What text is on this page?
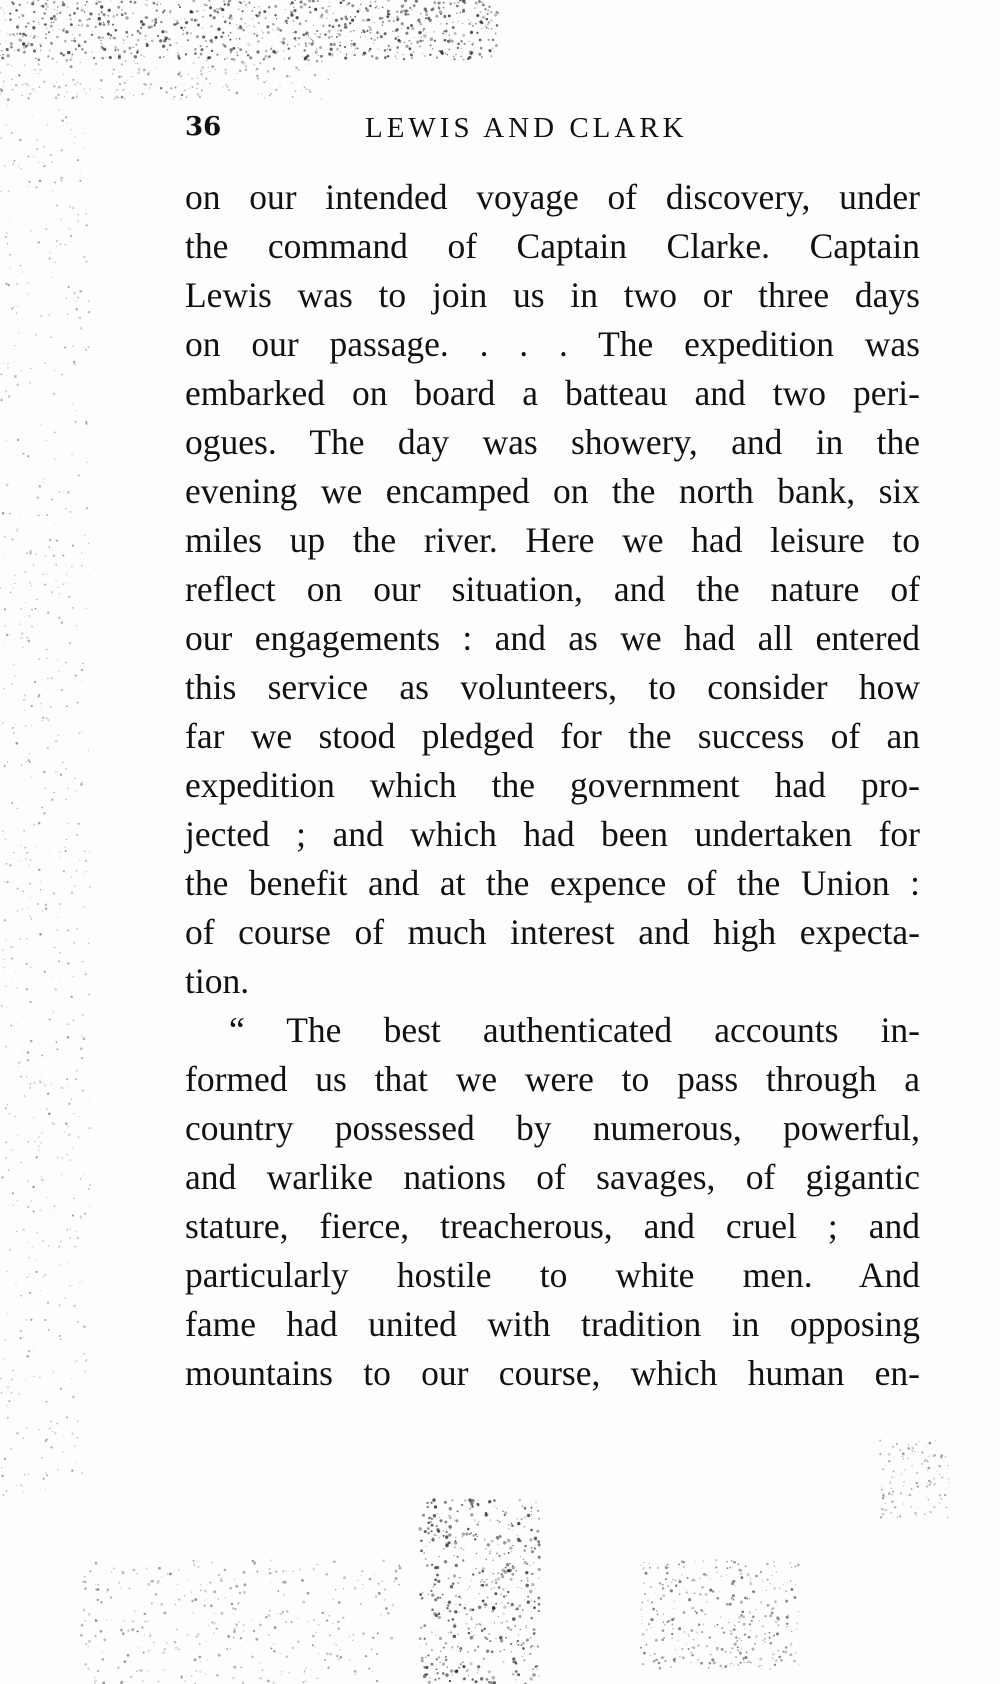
36	LEWIS AND CLARK
on our intended voyage of discovery, under
the command of Captain Clarke. Captain
Lewis was to join us in two or three days
on our passage. . . . The expedition was
embarked on board a batteau and two peri-
ogues. The day was showery, and in the
evening we encamped on the north bank, six
miles up the river. Here we had leisure to
reflect on our situation, and the nature of
our engagements : and as we had all entered
this service as volunteers, to consider how
far we stood pledged for the success of an
expedition which the government had pro-
jected ; and which had been undertaken for
the benefit and at the expence of the Union :
of course of much interest and high expecta-
tion.
“ The best authenticated accounts in-
formed us that we were to pass through a
country possessed by numerous, powerful,
and warlike nations of savages, of gigantic
stature, fierce, treacherous, and cruel ; and
particularly hostile to white men. And
fame had united with tradition in opposing
mountains to our course, which human en-
